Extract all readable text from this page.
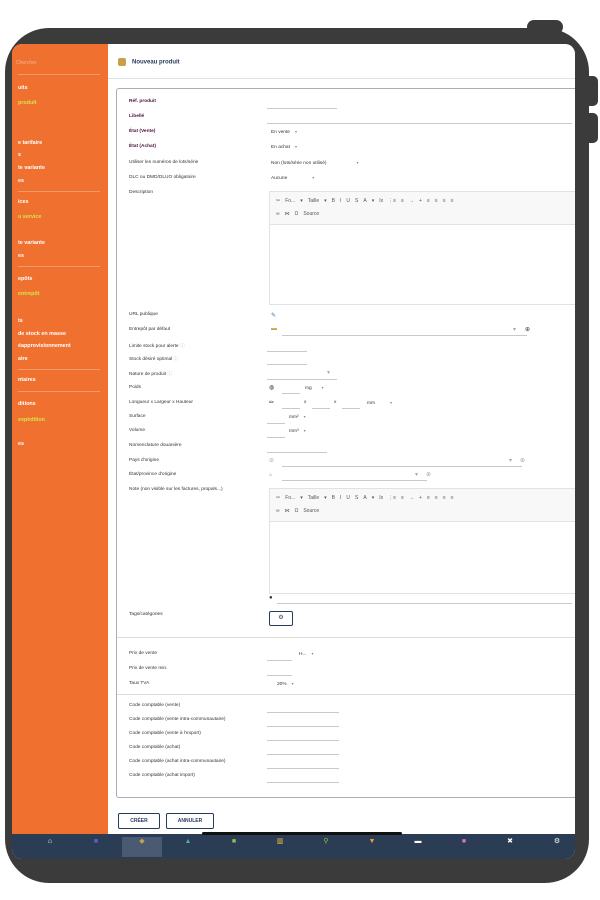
Chercher
uits
produit
e tarifaire
s
te variante
es
ices
u service
te variante
es
epôts
entrepôt
ts
de stock en masse
éapprovisionnement
aire
ntaires
ditions
expédition
es
Nouveau produit
Réf. produit
Libellé
État (Vente)	En vente ▾
État (Achat)	En achat ▾
Utiliser les numéros de lots/série	Non (lots/série non utilisé)	▾
DLC ou DMD/DLUO obligatoire	Aucune	▾
Description
✂ Fo... ▾ Taille ▾ B I U S A ▾ Ix ⋮≡ ≡ → + ≡ ≡ ≡ ≡
∞ ⋈ Ω Source
URL publique	✎
Entrepôt par défaut	▬	▾ ⊕
Limite stock pour alerte ⓘ
Stock désiré optimal ⓘ
Nature de produit ⓘ	▾
Poids	◍	mg	▾
Longueur x Largeur x Hauteur	✏	x	x	mm	▾
Surface	mm² ▾
Volume	mm³ ▾
Nomenclature douanière
Pays d'origine	⊘	▾ ⊕
État/province d'origine	▵	▾ ⊕
Note (non visible sur les factures, propals...)
✂ Fo... ▾ Taille ▾ B I U S A ▾ Ix ⋮≡ ≡ → + ≡ ≡ ≡ ≡
∞ ⋈ Ω Source
●
Tags/catégories
⚙
Prix de vente	H... ▾
Prix de vente min.
Taux TVA	20% ▾
Code comptable (vente)
Code comptable (vente intra-communautaire)
Code comptable (vente à l'export)
Code comptable (achat)
Code comptable (achat intra-communautaire)
Code comptable (achat import)
CRÉER	ANNULER
⌂	■	◆	▲	■	▥	⚲	▼	▬	■	✖	⚙
